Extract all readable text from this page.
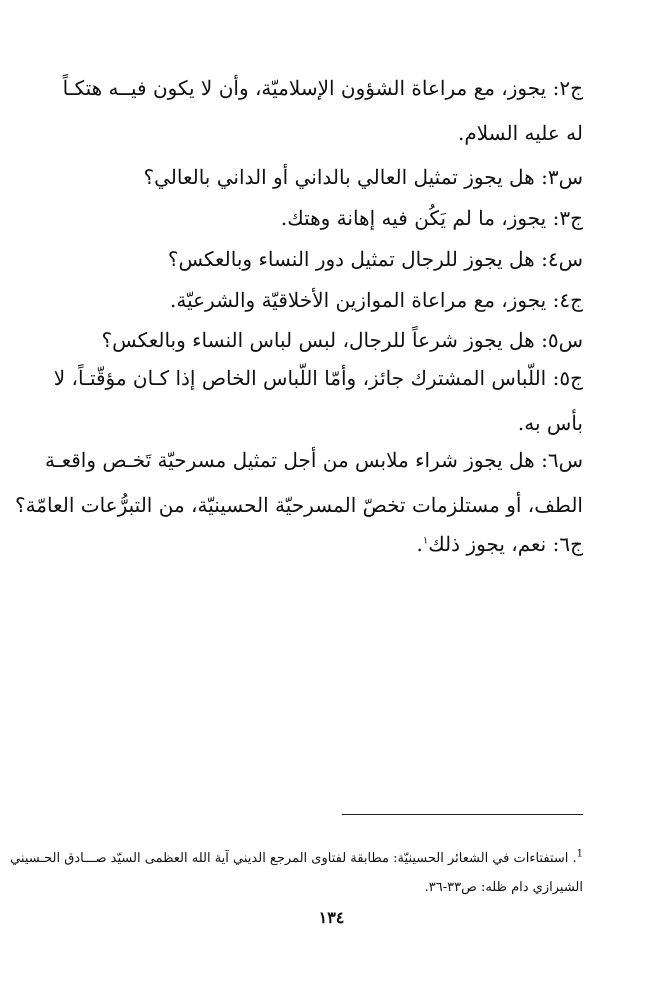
ج٢: يجوز، مع مراعاة الشؤون الإسلاميّة، وأن لا يكون فيــه هتكـاً
له عليه السلام.

س٣: هل يجوز تمثيل العالي بالداني أو الداني بالعالي؟

ج٣: يجوز، ما لم يَكُن فيه إهانة وهتك.

س٤: هل يجوز للرجال تمثيل دور النساء وبالعكس؟

ج٤: يجوز، مع مراعاة الموازين الأخلاقيّة والشرعيّة.

س٥: هل يجوز شرعاً للرجال، لبس لباس النساء وبالعكس؟

ج٥: اللّباس المشترك جائز، وأمّا اللّباس الخاص إذا كـان مؤقّتـاً، لا
بأس به.

س٦: هل يجوز شراء ملابس من أجل تمثيل مسرحيّة تَخـص واقعـة
الطف، أو مستلزمات تخصّ المسرحيّة الحسينيّة، من التبرُّعات العامّة؟

ج٦: نعم، يجوز ذلك$^١$.

$^1$. استفتاءات في الشعائر الحسينيّة: مطابقة لفتاوى المرجع الديني آية الله العظمى السيّد صـــادق الحـسيني
الشيرازي دام ظله: ص٣٣-٣٦.

١٣٤
